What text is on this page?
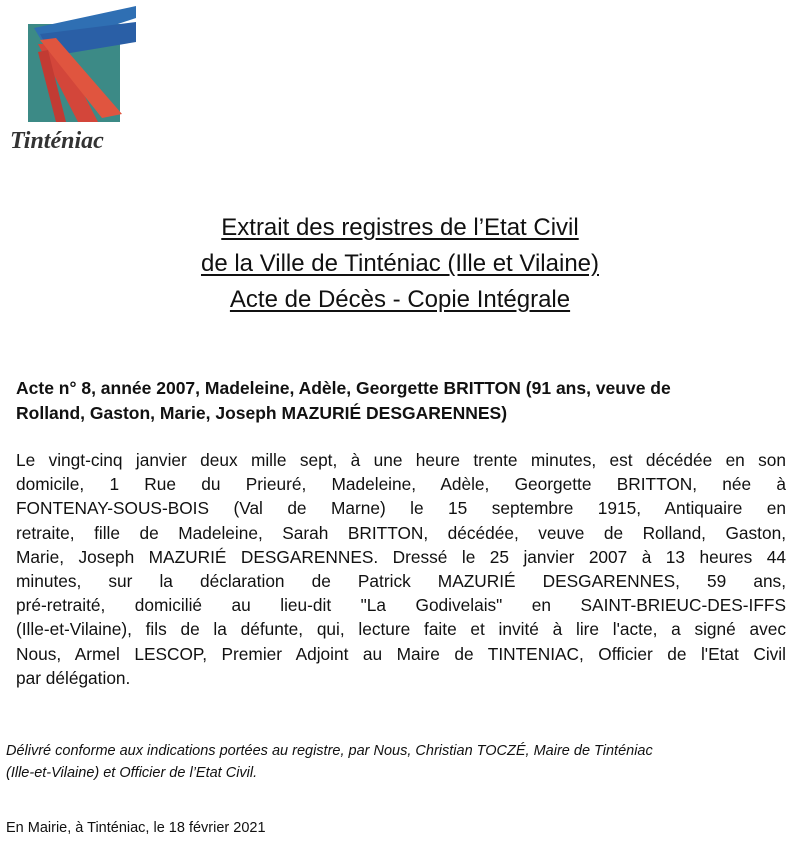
Tinténiac
Extrait des registres de l’Etat Civil
de la Ville de Tinténiac (Ille et Vilaine)
Acte de Décès - Copie Intégrale
Acte n° 8, année 2007, Madeleine, Adèle, Georgette BRITTON (91 ans, veuve de
Rolland, Gaston, Marie, Joseph MAZURIÉ DESGARENNES)
Le vingt-cinq janvier deux mille sept, à une heure trente minutes, est décédée en son
domicile, 1 Rue du Prieuré, Madeleine, Adèle, Georgette BRITTON, née à
FONTENAY-SOUS-BOIS (Val de Marne) le 15 septembre 1915, Antiquaire en
retraite, fille de Madeleine, Sarah BRITTON, décédée, veuve de Rolland, Gaston,
Marie, Joseph MAZURIÉ DESGARENNES. Dressé le 25 janvier 2007 à 13 heures 44
minutes, sur la déclaration de Patrick MAZURIÉ DESGARENNES, 59 ans,
pré-retraité, domicilié au lieu-dit "La Godivelais" en SAINT-BRIEUC-DES-IFFS
(Ille-et-Vilaine), fils de la défunte, qui, lecture faite et invité à lire l'acte, a signé avec
Nous, Armel LESCOP, Premier Adjoint au Maire de TINTENIAC, Officier de l'Etat Civil
par délégation.
Délivré conforme aux indications portées au registre, par Nous, Christian TOCZÉ, Maire de Tinténiac
(Ille-et-Vilaine) et Officier de l’Etat Civil.
En Mairie, à Tinténiac, le 18 février 2021
